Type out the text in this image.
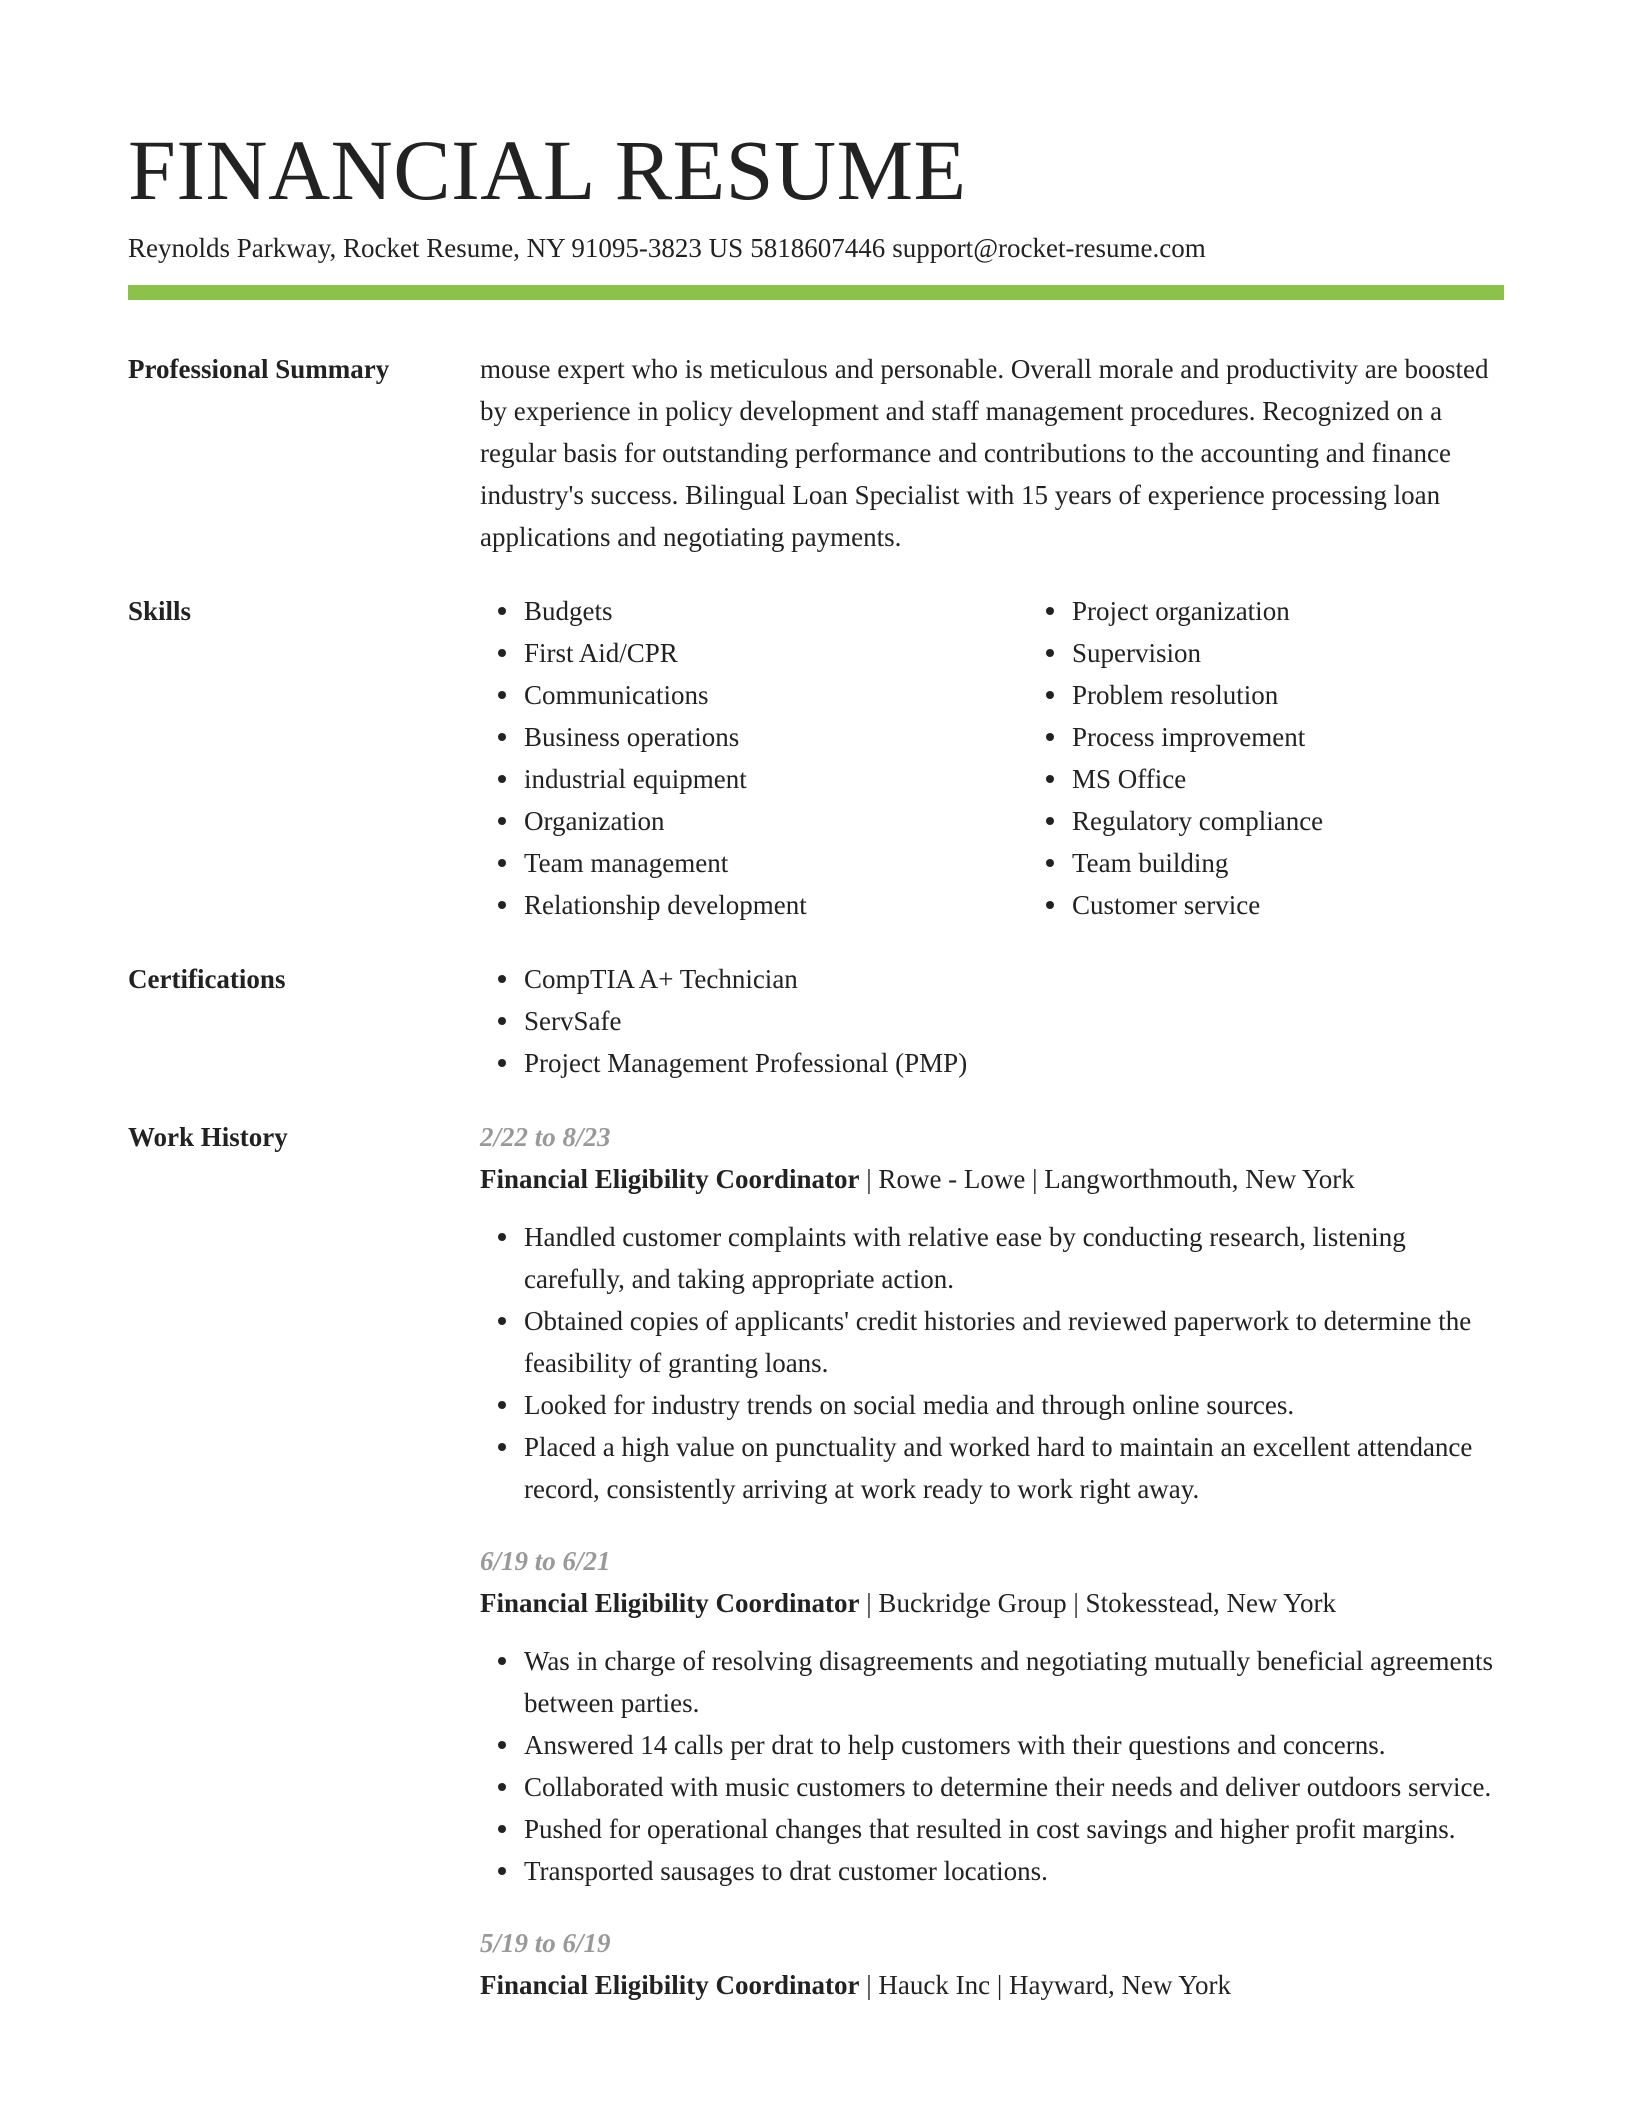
FINANCIAL RESUME
Reynolds Parkway, Rocket Resume, NY 91095-3823 US 5818607446 support@rocket-resume.com
Professional Summary	mouse expert who is meticulous and personable. Overall morale and productivity are boosted by experience in policy development and staff management procedures. Recognized on a regular basis for outstanding performance and contributions to the accounting and finance industry's success. Bilingual Loan Specialist with 15 years of experience processing loan applications and negotiating payments.
Skills	Budgets
First Aid/CPR
Communications
Business operations
industrial equipment
Organization
Team management
Relationship development
Project organization
Supervision
Problem resolution
Process improvement
MS Office
Regulatory compliance
Team building
Customer service
Certifications	CompTIA A+ Technician
ServSafe
Project Management Professional (PMP)
Work History	2/22 to 8/23
Financial Eligibility Coordinator | Rowe - Lowe | Langworthmouth, New York
Handled customer complaints with relative ease by conducting research, listening carefully, and taking appropriate action.
Obtained copies of applicants' credit histories and reviewed paperwork to determine the feasibility of granting loans.
Looked for industry trends on social media and through online sources.
Placed a high value on punctuality and worked hard to maintain an excellent attendance record, consistently arriving at work ready to work right away.
6/19 to 6/21
Financial Eligibility Coordinator | Buckridge Group | Stokesstead, New York
Was in charge of resolving disagreements and negotiating mutually beneficial agreements between parties.
Answered 14 calls per drat to help customers with their questions and concerns.
Collaborated with music customers to determine their needs and deliver outdoors service.
Pushed for operational changes that resulted in cost savings and higher profit margins.
Transported sausages to drat customer locations.
5/19 to 6/19
Financial Eligibility Coordinator | Hauck Inc | Hayward, New York
